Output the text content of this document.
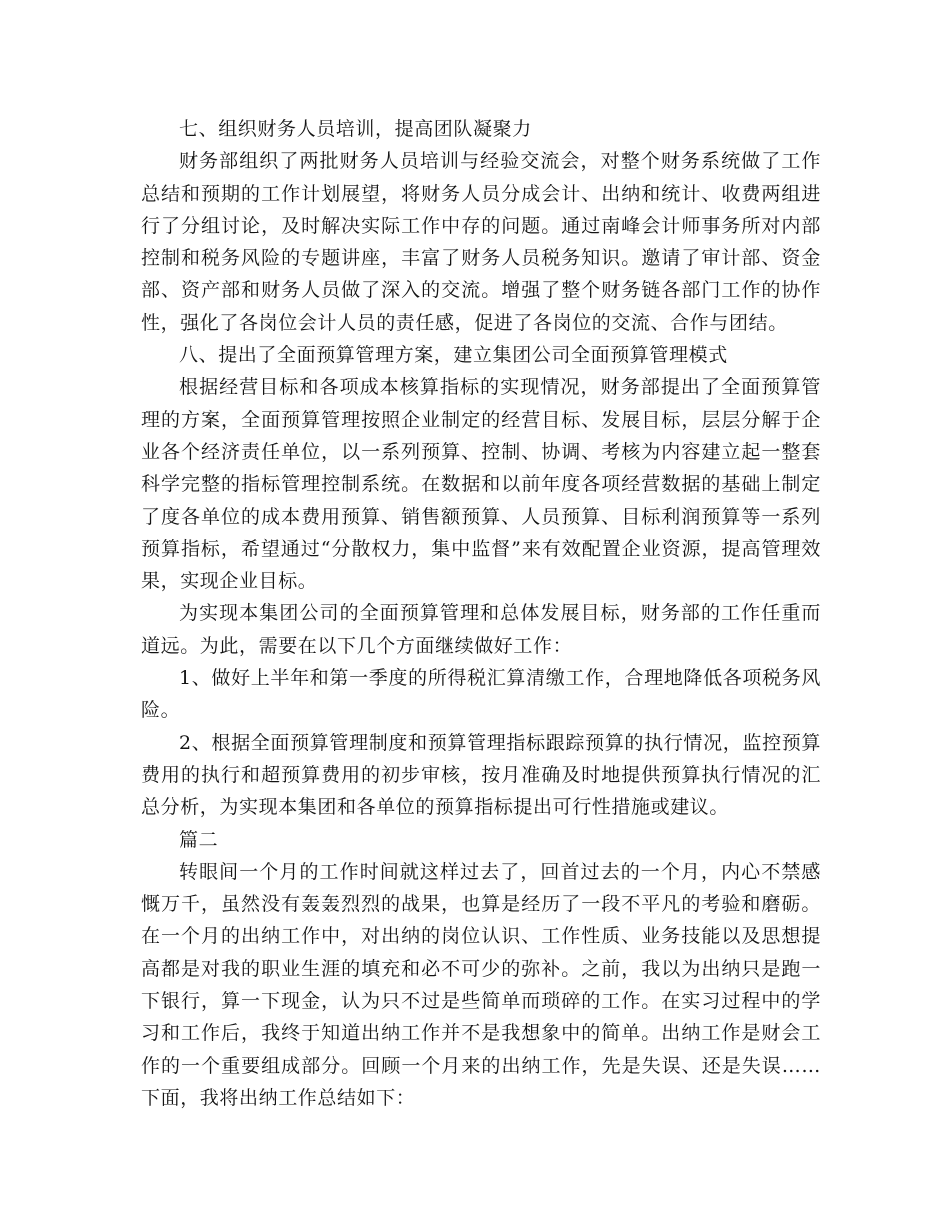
七、组织财务人员培训，提高团队凝聚力

财务部组织了两批财务人员培训与经验交流会，对整个财务系统做了工作总结和预期的工作计划展望，将财务人员分成会计、出纳和统计、收费两组进行了分组讨论，及时解决实际工作中存的问题。通过南峰会计师事务所对内部控制和税务风险的专题讲座，丰富了财务人员税务知识。邀请了审计部、资金部、资产部和财务人员做了深入的交流。增强了整个财务链各部门工作的协作性，强化了各岗位会计人员的责任感，促进了各岗位的交流、合作与团结。

八、提出了全面预算管理方案，建立集团公司全面预算管理模式

根据经营目标和各项成本核算指标的实现情况，财务部提出了全面预算管理的方案，全面预算管理按照企业制定的经营目标、发展目标，层层分解于企业各个经济责任单位，以一系列预算、控制、协调、考核为内容建立起一整套科学完整的指标管理控制系统。在数据和以前年度各项经营数据的基础上制定了度各单位的成本费用预算、销售额预算、人员预算、目标利润预算等一系列预算指标，希望通过“分散权力，集中监督”来有效配置企业资源，提高管理效果，实现企业目标。

为实现本集团公司的全面预算管理和总体发展目标，财务部的工作任重而道远。为此，需要在以下几个方面继续做好工作：

1、做好上半年和第一季度的所得税汇算清缴工作，合理地降低各项税务风险。

2、根据全面预算管理制度和预算管理指标跟踪预算的执行情况，监控预算费用的执行和超预算费用的初步审核，按月准确及时地提供预算执行情况的汇总分析，为实现本集团和各单位的预算指标提出可行性措施或建议。

篇二

转眼间一个月的工作时间就这样过去了，回首过去的一个月，内心不禁感慨万千，虽然没有轰轰烈烈的战果，也算是经历了一段不平凡的考验和磨砺。在一个月的出纳工作中，对出纳的岗位认识、工作性质、业务技能以及思想提高都是对我的职业生涯的填充和必不可少的弥补。之前，我以为出纳只是跑一下银行，算一下现金，认为只不过是些简单而琐碎的工作。在实习过程中的学习和工作后，我终于知道出纳工作并不是我想象中的简单。出纳工作是财会工作的一个重要组成部分。回顾一个月来的出纳工作，先是失误、还是失误……下面，我将出纳工作总结如下：
